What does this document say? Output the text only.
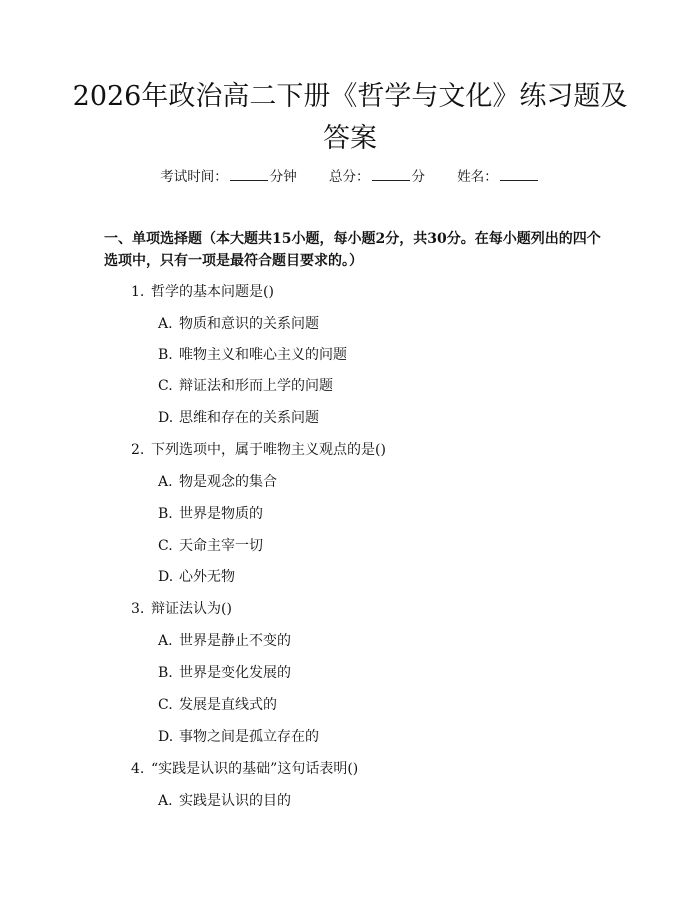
2026年政治高二下册《哲学与文化》练习题及答案
考试时间：	分钟 总分：	分 姓名：

一、单项选择题（本大题共15小题，每小题2分，共30分。在每小题列出的四个选项中，只有一项是最符合题目要求的。）

1. 哲学的基本问题是()
A. 物质和意识的关系问题
B. 唯物主义和唯心主义的问题
C. 辩证法和形而上学的问题
D. 思维和存在的关系问题
2. 下列选项中，属于唯物主义观点的是()
A. 物是观念的集合
B. 世界是物质的
C. 天命主宰一切
D. 心外无物
3. 辩证法认为()
A. 世界是静止不变的
B. 世界是变化发展的
C. 发展是直线式的
D. 事物之间是孤立存在的
4. “实践是认识的基础”这句话表明()
A. 实践是认识的目的
